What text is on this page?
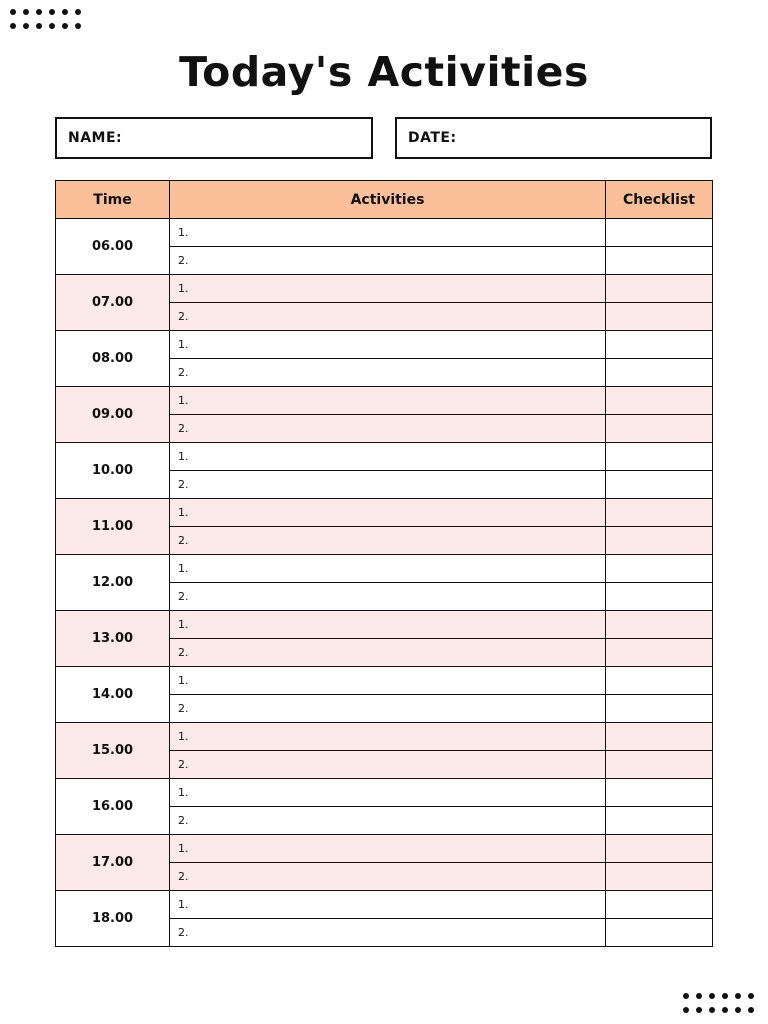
Today's Activities
NAME:	DATE:
Time	Activities	Checklist
06.00	1.	
	2.	
07.00	1.	
	2.	
08.00	1.	
	2.	
09.00	1.	
	2.	
10.00	1.	
	2.	
11.00	1.	
	2.	
12.00	1.	
	2.	
13.00	1.	
	2.	
14.00	1.	
	2.	
15.00	1.	
	2.	
16.00	1.	
	2.	
17.00	1.	
	2.	
18.00	1.	
	2.	
